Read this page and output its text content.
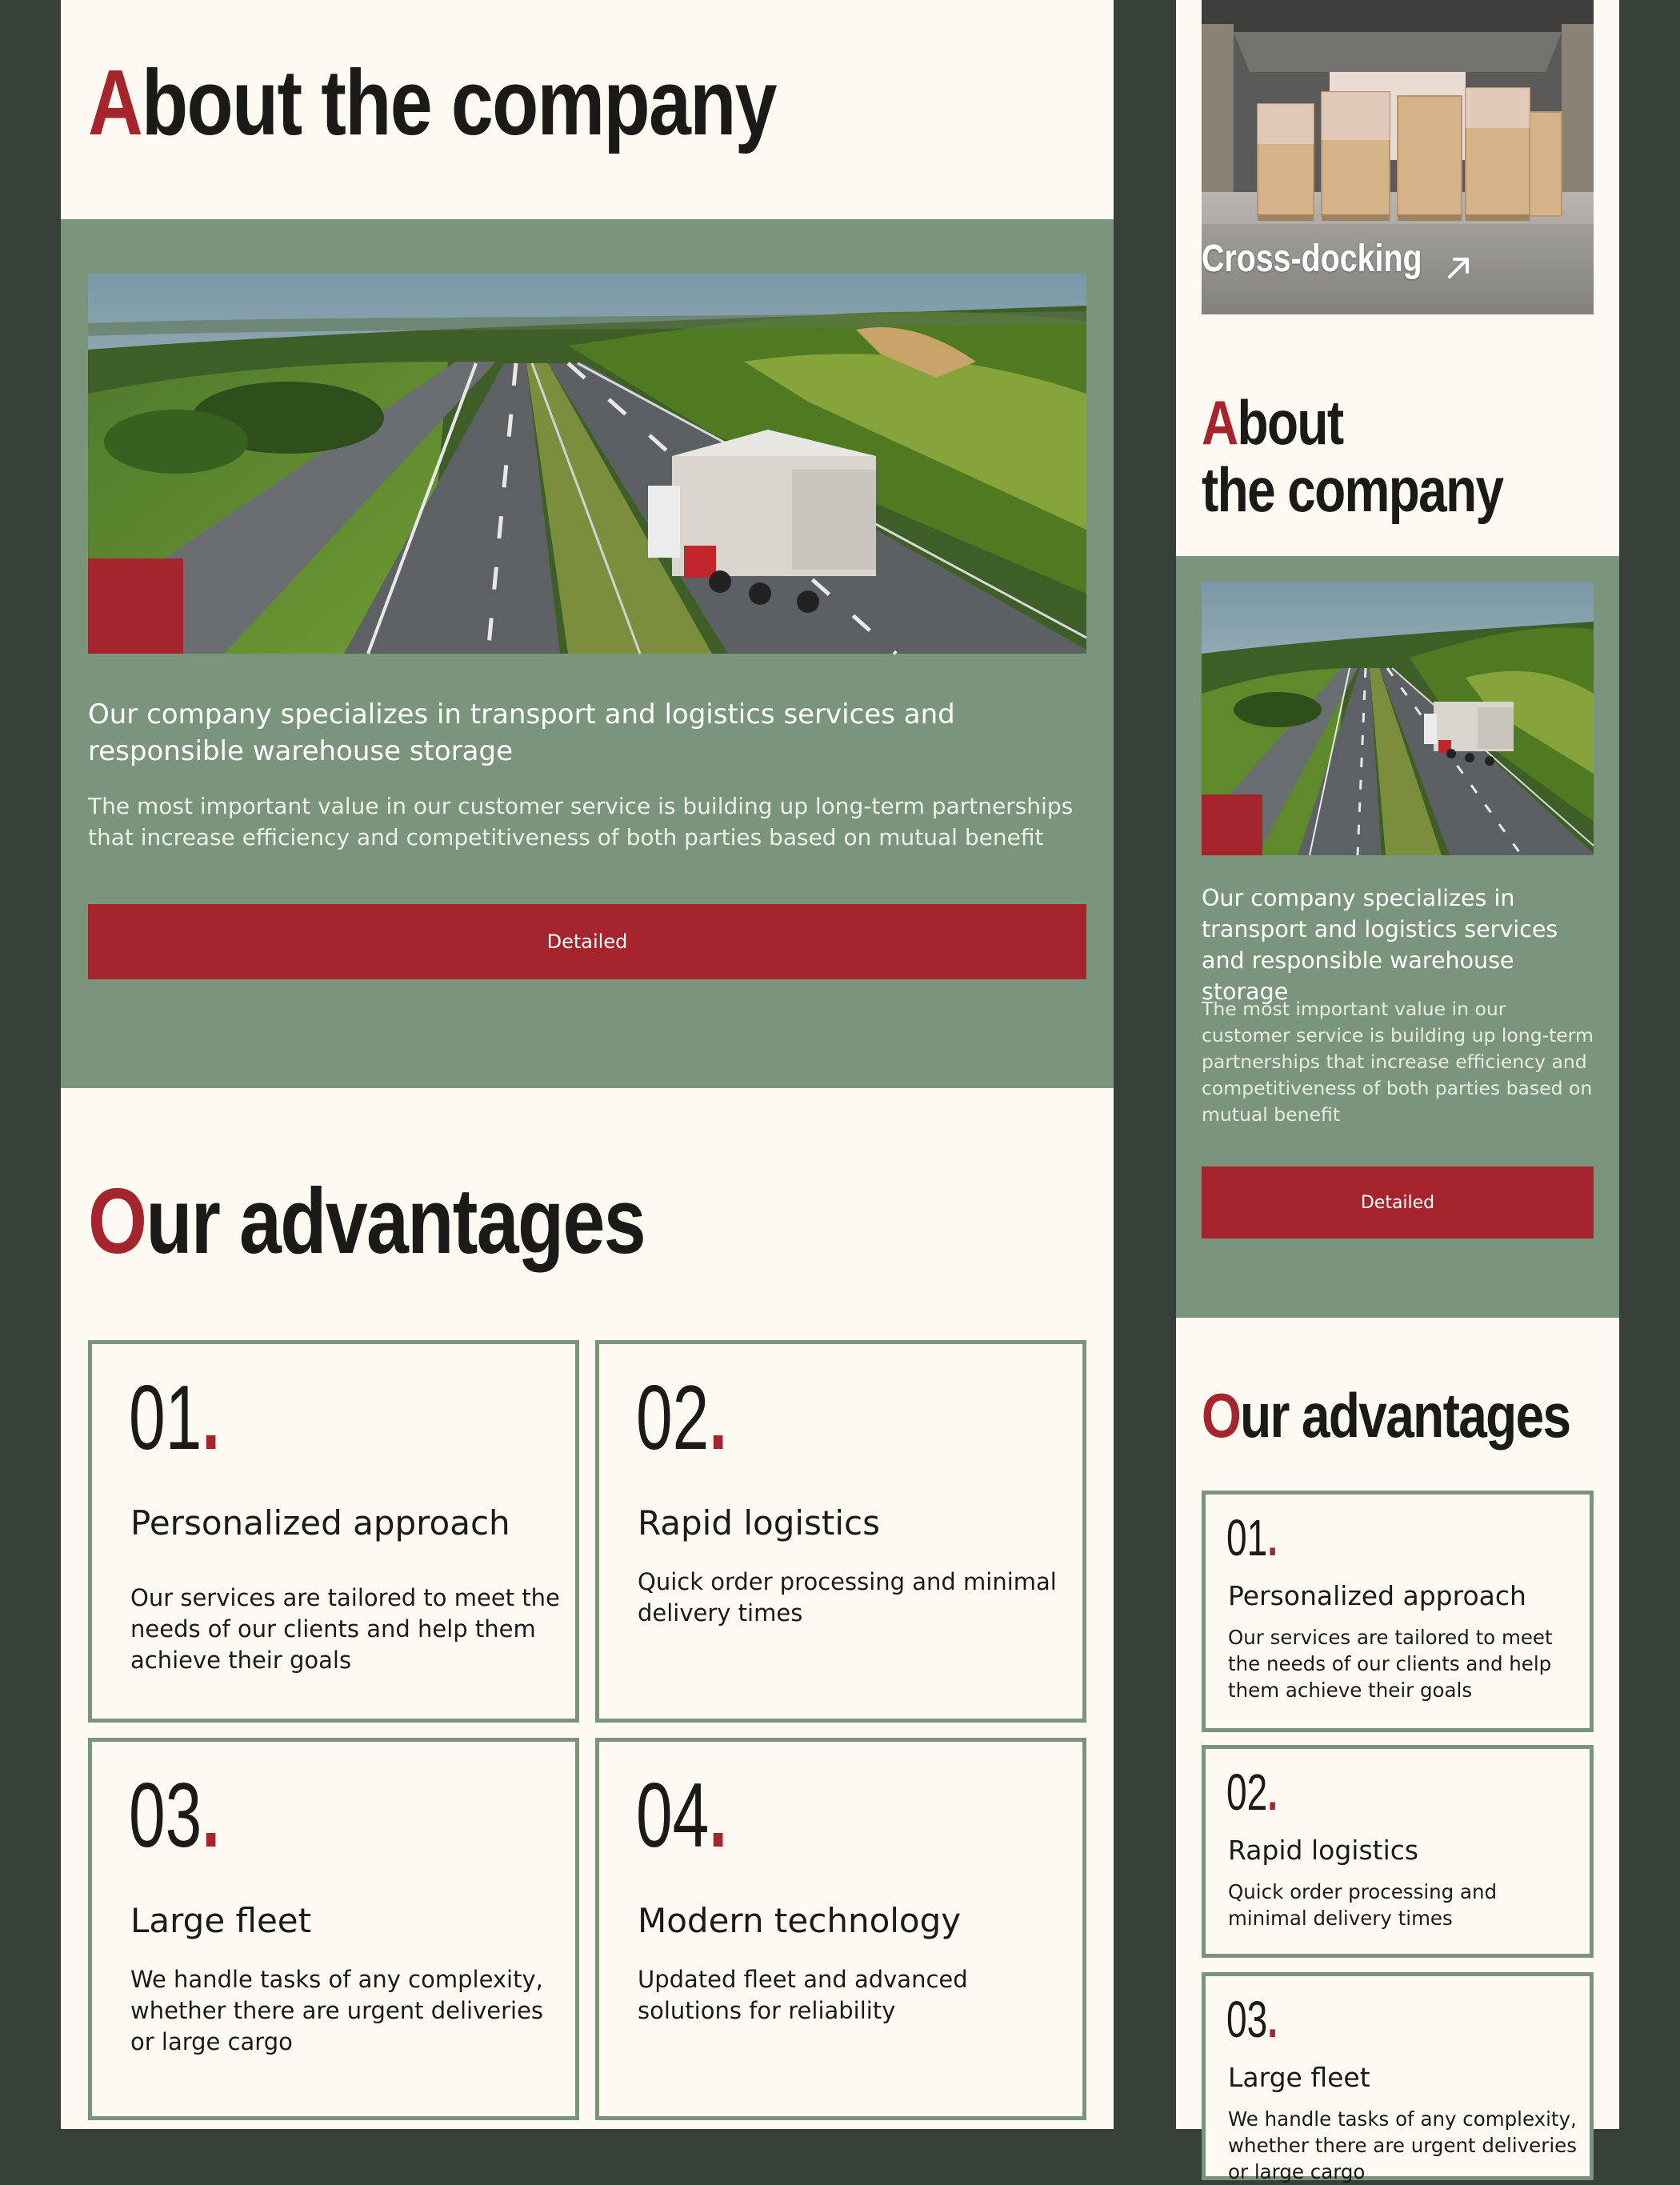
About the company

Our company specializes in transport and logistics services and responsible warehouse storage

The most important value in our customer service is building up long-term partnerships that increase efficiency and competitiveness of both parties based on mutual benefit

Detailed
Our advantages
01.
Personalized approach
Our services are tailored to meet the needs of our clients and help them achieve their goals
02.
Rapid logistics
Quick order processing and minimal delivery times
03.
Large fleet
We handle tasks of any complexity, whether there are urgent deliveries or large cargo
04.
Modern technology
Updated fleet and advanced solutions for reliability
Cross-docking
About
the company

Our company specializes in transport and logistics services and responsible warehouse storage

The most important value in our customer service is building up long-term partnerships that increase efficiency and competitiveness of both parties based on mutual benefit

Detailed
Our advantages
01.
Personalized approach
Our services are tailored to meet the needs of our clients and help them achieve their goals
02.
Rapid logistics
Quick order processing and minimal delivery times
03.
Large fleet
We handle tasks of any complexity, whether there are urgent deliveries or large cargo
